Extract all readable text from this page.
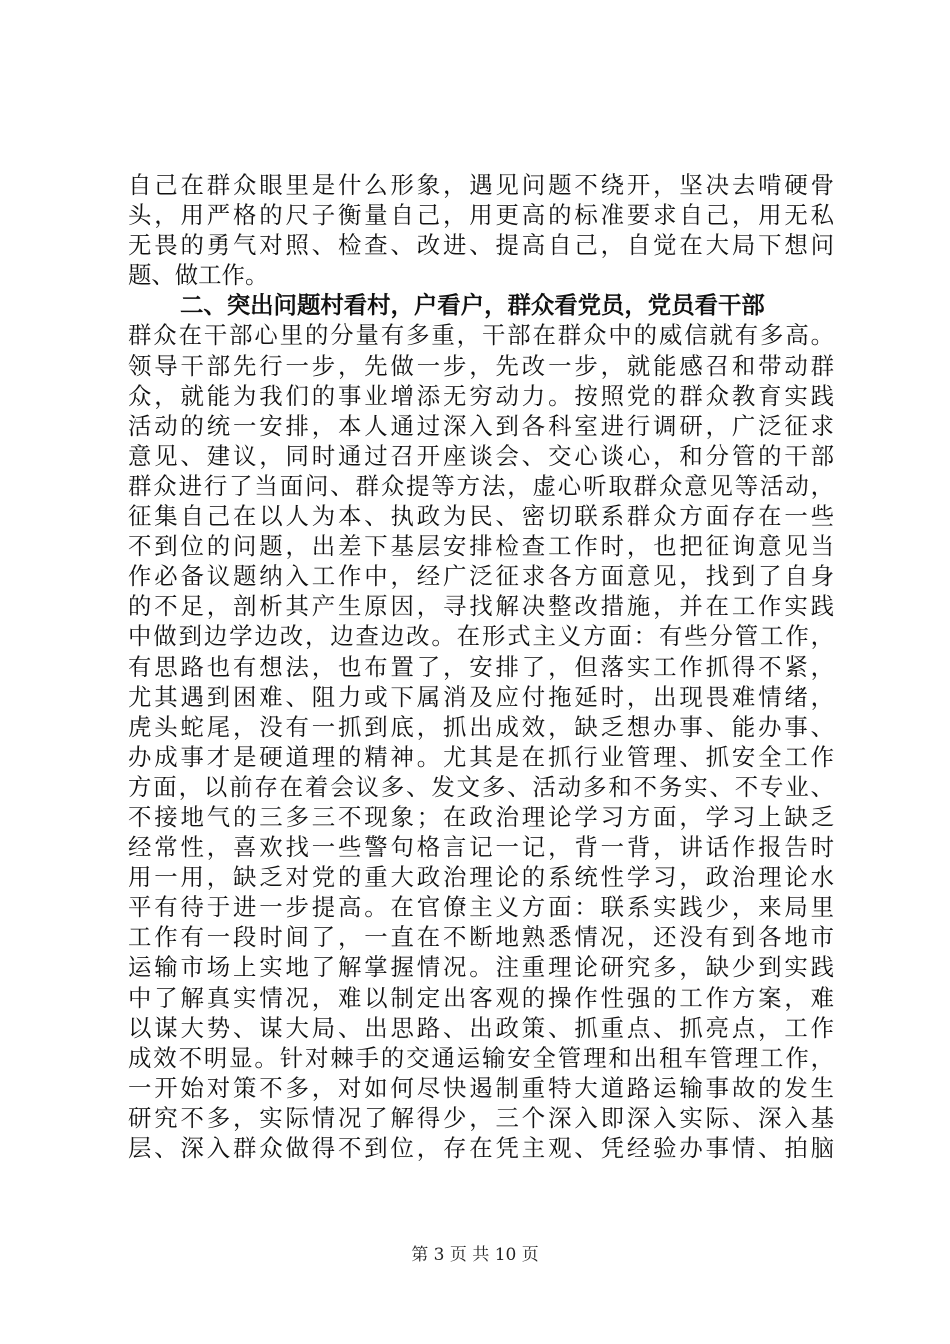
自己在群众眼里是什么形象，遇见问题不绕开，坚决去啃硬骨
头，用严格的尺子衡量自己，用更高的标准要求自己，用无私
无畏的勇气对照、检查、改进、提高自己，自觉在大局下想问
题、做工作。
二、突出问题村看村，户看户，群众看党员，党员看干部
群众在干部心里的分量有多重，干部在群众中的威信就有多高。
领导干部先行一步，先做一步，先改一步，就能感召和带动群
众，就能为我们的事业增添无穷动力。按照党的群众教育实践
活动的统一安排，本人通过深入到各科室进行调研，广泛征求
意见、建议，同时通过召开座谈会、交心谈心，和分管的干部
群众进行了当面问、群众提等方法，虚心听取群众意见等活动，
征集自己在以人为本、执政为民、密切联系群众方面存在一些
不到位的问题，出差下基层安排检查工作时，也把征询意见当
作必备议题纳入工作中，经广泛征求各方面意见，找到了自身
的不足，剖析其产生原因，寻找解决整改措施，并在工作实践
中做到边学边改，边查边改。在形式主义方面：有些分管工作，
有思路也有想法，也布置了，安排了，但落实工作抓得不紧，
尤其遇到困难、阻力或下属消及应付拖延时，出现畏难情绪，
虎头蛇尾，没有一抓到底，抓出成效，缺乏想办事、能办事、
办成事才是硬道理的精神。尤其是在抓行业管理、抓安全工作
方面，以前存在着会议多、发文多、活动多和不务实、不专业、
不接地气的三多三不现象；在政治理论学习方面，学习上缺乏
经常性，喜欢找一些警句格言记一记，背一背，讲话作报告时
用一用，缺乏对党的重大政治理论的系统性学习，政治理论水
平有待于进一步提高。在官僚主义方面：联系实践少，来局里
工作有一段时间了，一直在不断地熟悉情况，还没有到各地市
运输市场上实地了解掌握情况。注重理论研究多，缺少到实践
中了解真实情况，难以制定出客观的操作性强的工作方案，难
以谋大势、谋大局、出思路、出政策、抓重点、抓亮点，工作
成效不明显。针对棘手的交通运输安全管理和出租车管理工作，
一开始对策不多，对如何尽快遏制重特大道路运输事故的发生
研究不多，实际情况了解得少，三个深入即深入实际、深入基
层、深入群众做得不到位，存在凭主观、凭经验办事情、拍脑
第 3 页 共 10 页
